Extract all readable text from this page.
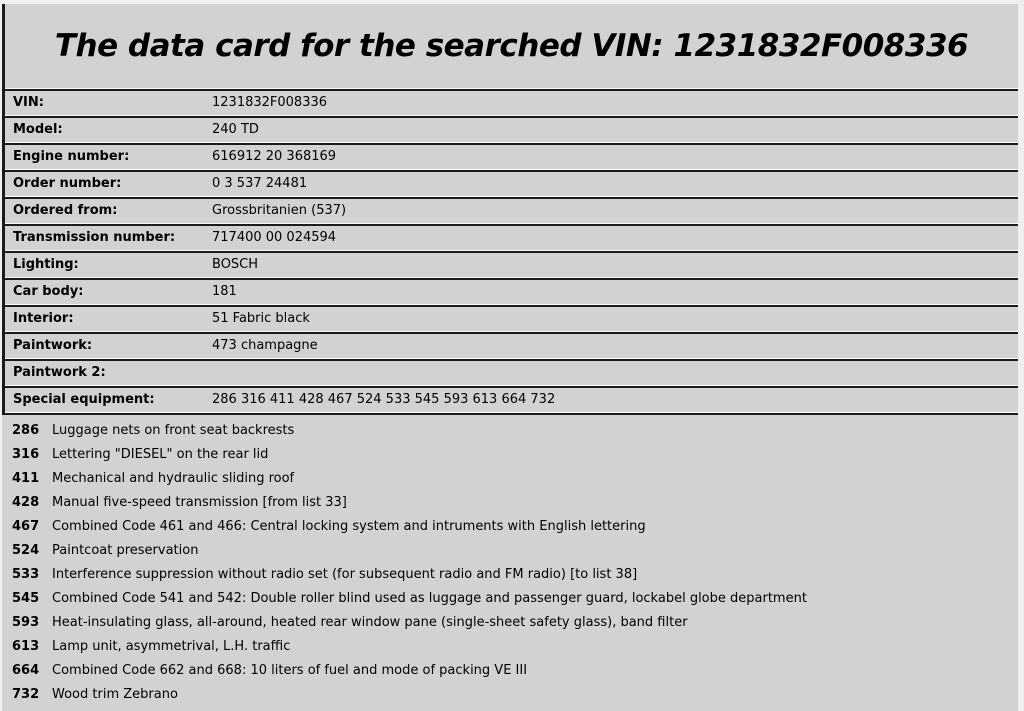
The data card for the searched VIN: 1231832F008336
VIN:	1231832F008336
Model:	240 TD
Engine number:	616912 20 368169
Order number:	0 3 537 24481
Ordered from:	Grossbritanien (537)
Transmission number:	717400 00 024594
Lighting:	BOSCH
Car body:	181
Interior:	51 Fabric black
Paintwork:	473 champagne
Paintwork 2:
Special equipment:	286 316 411 428 467 524 533 545 593 613 664 732
286 Luggage nets on front seat backrests
316 Lettering "DIESEL" on the rear lid
411 Mechanical and hydraulic sliding roof
428 Manual five-speed transmission [from list 33]
467 Combined Code 461 and 466: Central locking system and intruments with English lettering
524 Paintcoat preservation
533 Interference suppression without radio set (for subsequent radio and FM radio) [to list 38]
545 Combined Code 541 and 542: Double roller blind used as luggage and passenger guard, lockabel globe department
593 Heat-insulating glass, all-around, heated rear window pane (single-sheet safety glass), band filter
613 Lamp unit, asymmetrival, L.H. traffic
664 Combined Code 662 and 668: 10 liters of fuel and mode of packing VE III
732 Wood trim Zebrano
